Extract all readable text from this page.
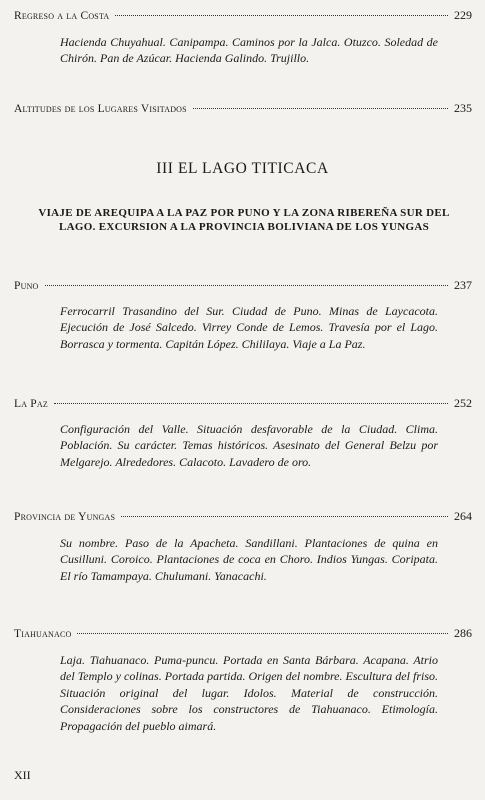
Regreso a la Costa	229

Hacienda Chuyahual. Canipampa. Caminos por la Jalca. Otuzco. Soledad de Chirón. Pan de Azúcar. Hacienda Galindo. Trujillo.

Altitudes de los Lugares Visitados	235
III EL LAGO TITICACA
VIAJE DE AREQUIPA A LA PAZ POR PUNO Y LA ZONA RIBEREÑA SUR DEL LAGO. EXCURSION A LA PROVINCIA BOLIVIANA DE LOS YUNGAS
Puno	237

Ferrocarril Trasandino del Sur. Ciudad de Puno. Minas de Laycacota. Ejecución de José Salcedo. Virrey Conde de Lemos. Travesía por el Lago. Borrasca y tormenta. Capitán López. Chililaya. Viaje a La Paz.

La Paz	252

Configuración del Valle. Situación desfavorable de la Ciudad. Clima. Población. Su carácter. Temas históricos. Asesinato del General Belzu por Melgarejo. Alrededores. Calacoto. Lavadero de oro.

Provincia de Yungas	264

Su nombre. Paso de la Apacheta. Sandillani. Plantaciones de quina en Cusilluni. Coroico. Plantaciones de coca en Choro. Indios Yungas. Coripata. El río Tamampaya. Chulumani. Yanacachi.

Tiahuanaco	286

Laja. Tiahuanaco. Puma-puncu. Portada en Santa Bárbara. Acapana. Atrio del Templo y colinas. Portada partida. Origen del nombre. Escultura del friso. Situación original del lugar. Idolos. Material de construcción. Consideraciones sobre los constructores de Tiahuanaco. Etimología. Propagación del pueblo aimará.

XII
